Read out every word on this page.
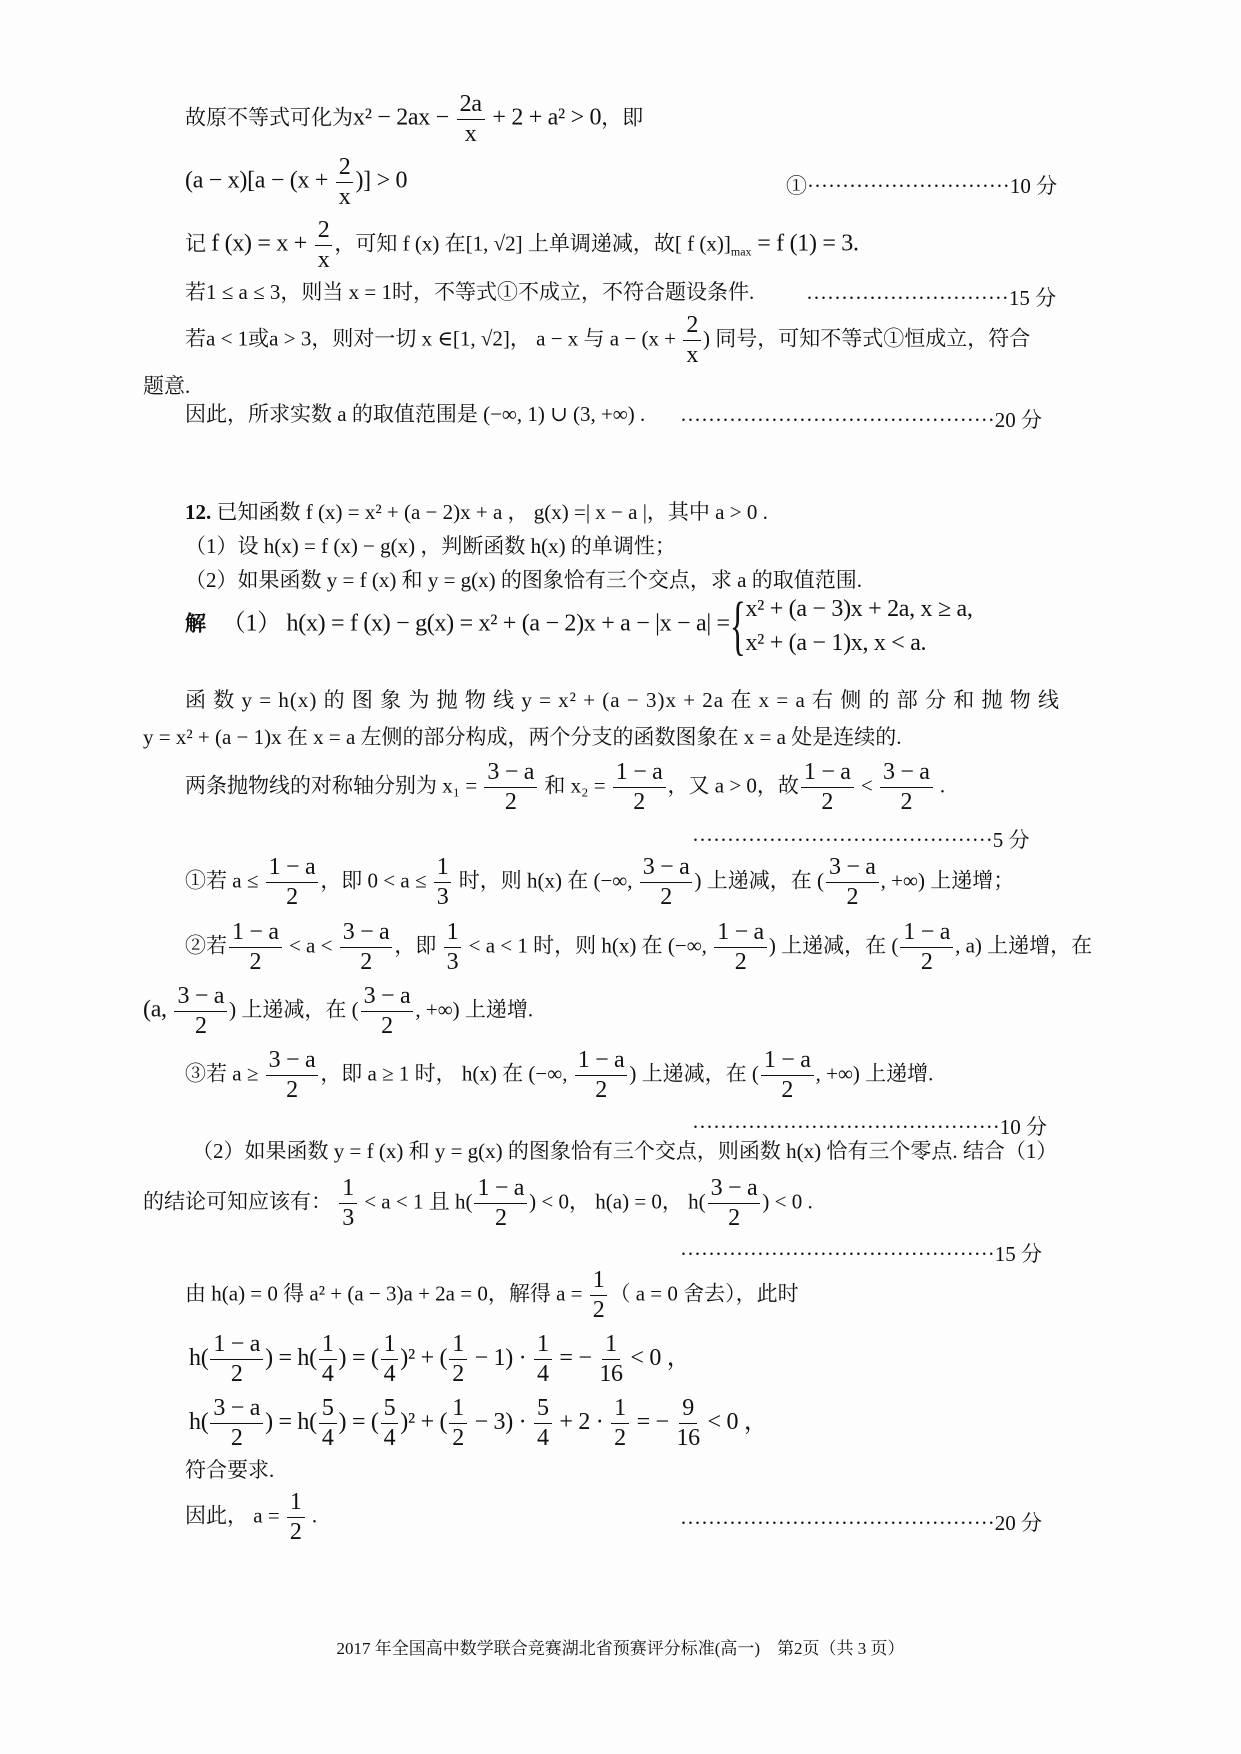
故原不等式可化为$x^2 - 2ax - \frac{2a}{x} + 2 + a^2 > 0$，即
$(a - x)[a - (x + \frac{2}{x}$ )] > 0	①·····························10 分
记 f $(x) = x + \frac{2}{x}$ ，可知 f (x) 在[1, √2] 上单调递减，故[ f $(x)]_{max} = f$ (1) = 3.
若1 ≤ a ≤ 3，则当 x = 1时，不等式①不成立，不符合题设条件. ·····························15 分
若a < 1或a > 3，则对一切 x ∈[1, √2]， a − x 与 $a - (x + \frac{2}{x}$ ) 同号，可知不等式①恒成立，符合
题意.
因此，所求实数 a 的取值范围是 (−∞, 1) ∪ (3, +∞) . ·············································20 分
12. 已知函数 f (x) = x² + (a − 2)x + a ， g(x) =| x − a |，其中 a > 0 .
（1）设 h(x) = f (x) − g(x) ，判断函数 h(x) 的单调性；
（2）如果函数 y = f (x) 和 y = g(x) 的图象恰有三个交点，求 a 的取值范围.
解 （1） h(x) = f (x) − g(x) = x² + (a − 2)x + a − |x − a| ={ x² + (a − 3)x + 2a, x ≥ a,
x² + (a − 1)x, x < a.
函 数 y = h(x) 的 图 象 为 抛 物 线 y = x² + (a − 3)x + 2a 在 x = a 右 侧 的 部 分 和 抛 物 线
y = x² + (a − 1)x 在 x = a 左侧的部分构成，两个分支的函数图象在 x = a 处是连续的.
两条抛物线的对称轴分别为 $x_1 = \frac{3 - a}{2}$ 和 $x_2 = \frac{1 - a}{2}$ ，又 a > 0，故 $\frac{1 - a}{2} < \frac{3 - a}{2}$ .
···········································5 分
①若 $a \le \frac{1 - a}{2}$ ，即 $0 < a \le \frac{1}{3}$ 时，则 h(x) 在 (−∞, $\frac{3 - a}{2}$ ) 上递减，在 ( $\frac{3 - a}{2}$ , +∞) 上递增；
②若 $\frac{1 - a}{2} < a < \frac{3 - a}{2}$ ，即 $\frac{1}{3} < a < 1$ 时，则 h(x) 在 (−∞, $\frac{1 - a}{2}$ ) 上递减，在 ( $\frac{1 - a}{2}$ , a) 上递增，在
(a, $\frac{3 - a}{2}$ ) 上递减，在 ( $\frac{3 - a}{2}$ , +∞) 上递增.
③若 $a \ge \frac{3 - a}{2}$ ，即 a ≥ 1 时， h(x) 在 (−∞, $\frac{1 - a}{2}$ ) 上递减，在 ( $\frac{1 - a}{2}$ , +∞) 上递增.
············································10 分
（2）如果函数 y = f (x) 和 y = g(x) 的图象恰有三个交点，则函数 h(x) 恰有三个零点. 结合（1）
的结论可知应该有： $\frac{1}{3} < a < 1$ 且 $h( \frac{1 - a}{2}$ ) < 0， h(a) = 0， $h( \frac{3 - a}{2}$ ) < 0 .
·············································15 分
由 h(a) = 0 得 a² + (a − 3)a + 2a = 0，解得 $a = \frac{1}{2}$ （ a = 0 舍去），此时
$h( \frac{1 - a}{2}$ ) = $h( \frac{1}{4}$ ) = ( $\frac{1}{4} )^2$ + ( $\frac{1}{2} - 1) \cdot \frac{1}{4}$ = − $\frac{1}{16} < 0$ ，
$h( \frac{3 - a}{2}$ ) = $h( \frac{5}{4}$ ) = ( $\frac{5}{4} )^2$ + ( $\frac{1}{2} - 3) \cdot \frac{5}{4} + 2 \cdot \frac{1}{2}$ = − $\frac{9}{16} < 0$ ，
符合要求.
因此， $a = \frac{1}{2}$ .	·············································20 分
2017 年全国高中数学联合竞赛湖北省预赛评分标准(高一)　第2页（共 3 页）
